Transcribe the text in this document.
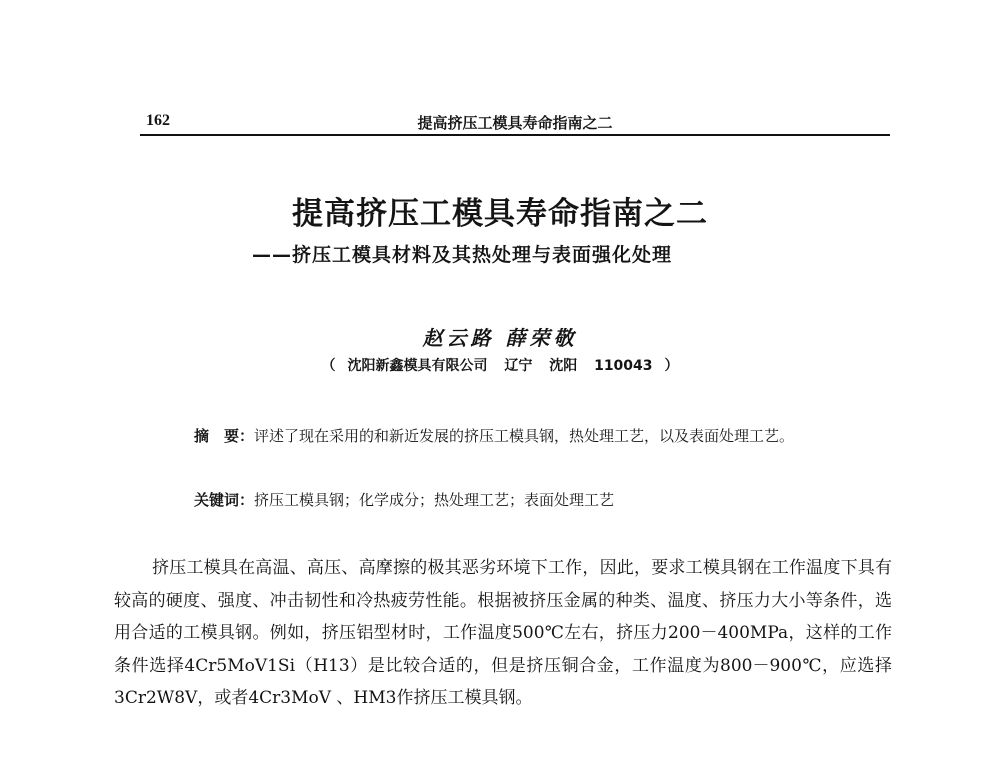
162	提高挤压工模具寿命指南之二
提高挤压工模具寿命指南之二
——挤压工模具材料及其热处理与表面强化处理
赵云路 薛荣敬
（ 沈阳新鑫模具有限公司 辽宁 沈阳 110043 ）
摘　要：评述了现在采用的和新近发展的挤压工模具钢，热处理工艺，以及表面处理工艺。
关键词：挤压工模具钢；化学成分；热处理工艺；表面处理工艺

挤压工模具在高温、高压、高摩擦的极其恶劣环境下工作，因此，要求工模具钢在工作温度下具有较高的硬度、强度、冲击韧性和冷热疲劳性能。根据被挤压金属的种类、温度、挤压力大小等条件，选用合适的工模具钢。例如，挤压铝型材时，工作温度500℃左右，挤压力200－400MPa，这样的工作条件选择4Cr5MoV1Si（H13）是比较合适的，但是挤压铜合金，工作温度为800－900℃，应选择3Cr2W8V，或者4Cr3MoV 、HM3作挤压工模具钢。
